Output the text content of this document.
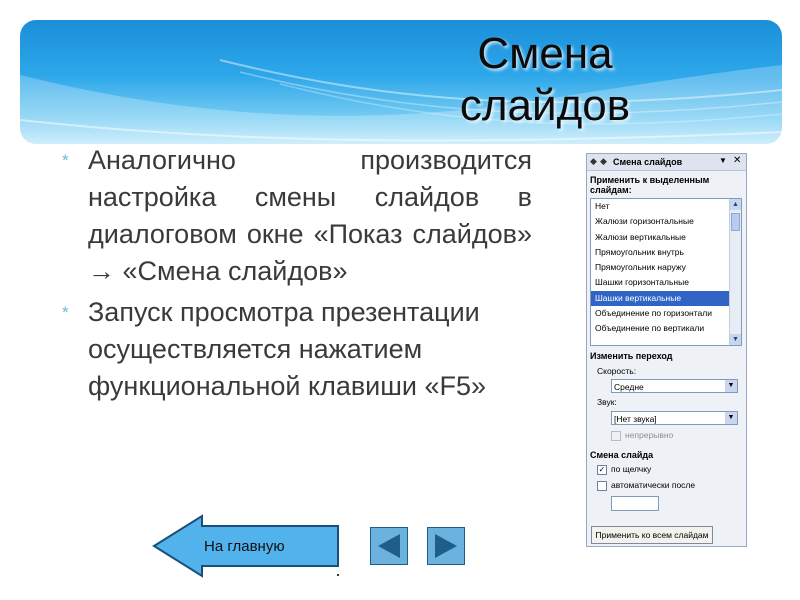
Смена
слайдов
* Аналогично производится настройка смены слайдов в диалоговом окне «Показ слайдов» → «Смена слайдов»
* Запуск просмотра презентации осуществляется нажатием функциональной клавиши «F5»
◆ ◆ Смена слайдов	▼ ✕
Применить к выделенным
слайдам:
Нет
Жалюзи горизонтальные
Жалюзи вертикальные
Прямоугольник внутрь
Прямоугольник наружу
Шашки горизонтальные
Шашки вертикальные
Объединение по горизонтали
Объединение по вертикали
▲
▼
Изменить переход
Скорость:
Средне	▼
Звук:
[Нет звука]	▼
непрерывно
Смена слайда
✓ по щелчку
автоматически после
Применить ко всем слайдам
На главную
